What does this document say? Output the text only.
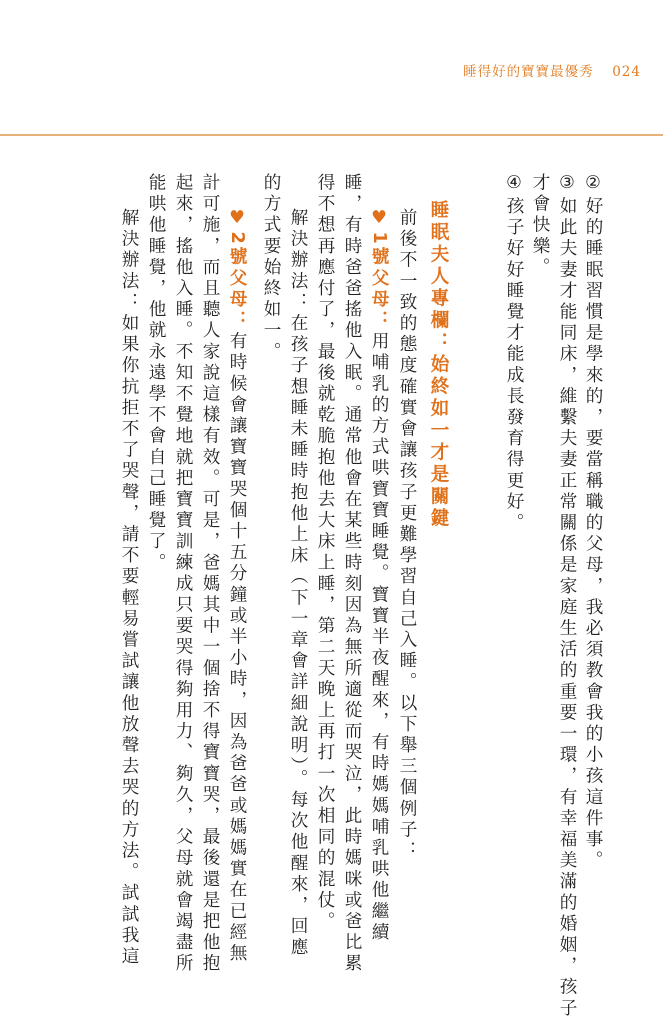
睡得好的寶寶最優秀 024
②好的睡眠習慣是學來的，要當稱職的父母，我必須教會我的小孩這件事。
③如此夫妻才能同床，維繫夫妻正常關係是家庭生活的重要一環，有幸福美滿的婚姻，孩子
才會快樂。
④孩子好好睡覺才能成長發育得更好。
睡眠夫人專欄：始終如一才是關鍵
前後不一致的態度確實會讓孩子更難學習自己入睡。以下舉三個例子：
♥1號父母：用哺乳的方式哄寶寶睡覺。寶寶半夜醒來，有時媽媽哺乳哄他繼續
睡，有時爸爸搖他入眠。通常他會在某些時刻因為無所適從而哭泣，此時媽咪或爸比累
得不想再應付了，最後就乾脆抱他去大床上睡，第二天晚上再打一次相同的混仗。
解決辦法：在孩子想睡未睡時抱他上床（下一章會詳細說明）。每次他醒來，回應
的方式要始終如一。
♥2號父母：有時候會讓寶寶哭個十五分鐘或半小時，因為爸爸或媽媽實在已經無
計可施，而且聽人家說這樣有效。可是，爸媽其中一個捨不得寶寶哭，最後還是把他抱
起來，搖他入睡。不知不覺地就把寶寶訓練成只要哭得夠用力、夠久，父母就會竭盡所
能哄他睡覺，他就永遠學不會自己睡覺了。
解決辦法：如果你抗拒不了哭聲，請不要輕易嘗試讓他放聲去哭的方法。試試我這
